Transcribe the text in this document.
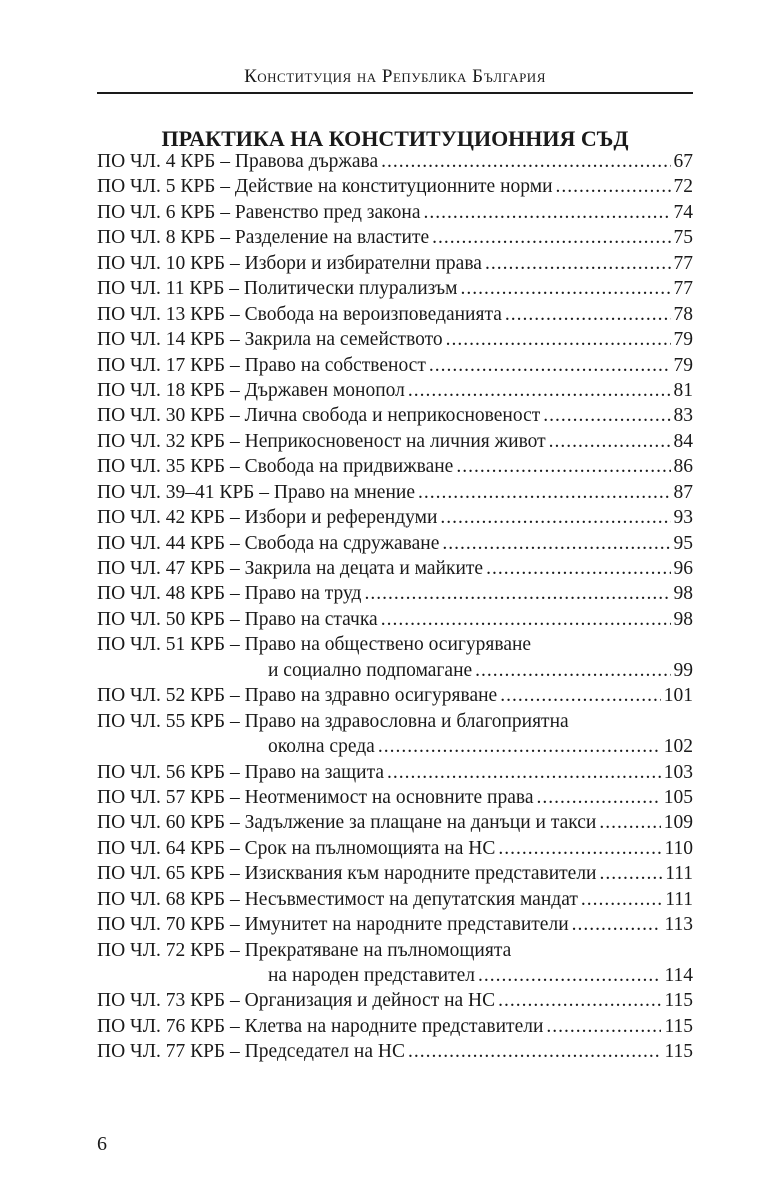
Конституция на Република България
ПРАКТИКА НА КОНСТИТУЦИОННИЯ СЪД
ПО ЧЛ. 4 КРБ – Правова държава .....	67
ПО ЧЛ. 5 КРБ – Действие на конституционните норми .....	72
ПО ЧЛ. 6 КРБ – Равенство пред закона .....	74
ПО ЧЛ. 8 КРБ – Разделение на властите .....	75
ПО ЧЛ. 10 КРБ – Избори и избирателни права .....	77
ПО ЧЛ. 11 КРБ – Политически плурализъм .....	77
ПО ЧЛ. 13 КРБ – Свобода на вероизповеданията .....	78
ПО ЧЛ. 14 КРБ – Закрила на семейството .....	79
ПО ЧЛ. 17 КРБ – Право на собственост .....	79
ПО ЧЛ. 18 КРБ – Държавен монопол .....	81
ПО ЧЛ. 30 КРБ – Лична свобода и неприкосновеност .....	83
ПО ЧЛ. 32 КРБ – Неприкосновеност на личния живот .....	84
ПО ЧЛ. 35 КРБ – Свобода на придвижване .....	86
ПО ЧЛ. 39–41 КРБ – Право на мнение .....	87
ПО ЧЛ. 42 КРБ – Избори и референдуми .....	93
ПО ЧЛ. 44 КРБ – Свобода на сдружаване .....	95
ПО ЧЛ. 47 КРБ – Закрила на децата и майките .....	96
ПО ЧЛ. 48 КРБ – Право на труд .....	98
ПО ЧЛ. 50 КРБ – Право на стачка .....	98
ПО ЧЛ. 51 КРБ – Право на обществено осигуряване
и социално подпомагане .....	99
ПО ЧЛ. 52 КРБ – Право на здравно осигуряване .....	101
ПО ЧЛ. 55 КРБ – Право на здравословна и благоприятна
околна среда .....	102
ПО ЧЛ. 56 КРБ – Право на защита .....	103
ПО ЧЛ. 57 КРБ – Неотменимост на основните права .....	105
ПО ЧЛ. 60 КРБ – Задължение за плащане на данъци и такси .....	109
ПО ЧЛ. 64 КРБ – Срок на пълномощията на НС .....	110
ПО ЧЛ. 65 КРБ – Изисквания към народните представители .....	111
ПО ЧЛ. 68 КРБ – Несъвместимост на депутатския мандат .....	111
ПО ЧЛ. 70 КРБ – Имунитет на народните представители .....	113
ПО ЧЛ. 72 КРБ – Прекратяване на пълномощията
на народен представител .....	114
ПО ЧЛ. 73 КРБ – Организация и дейност на НС .....	115
ПО ЧЛ. 76 КРБ – Клетва на народните представители .....	115
ПО ЧЛ. 77 КРБ – Председател на НС .....	115
6
